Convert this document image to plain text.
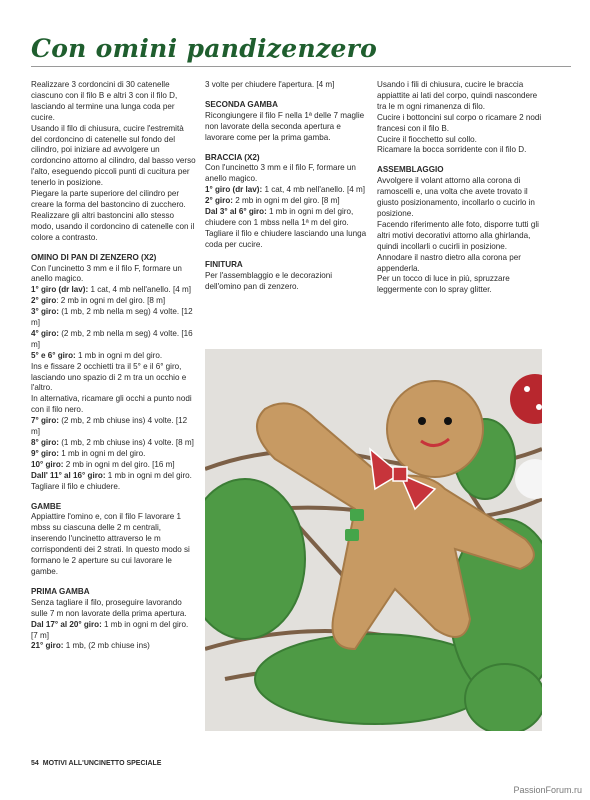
Con omini pandizenzero

Realizzare 3 cordoncini di 30 catenelle ciascuno con il filo B e altri 3 con il filo D, lasciando al termine una lunga coda per cucire.

Usando il filo di chiusura, cucire l'estremità del cordoncino di catenelle sul fondo del cilindro, poi iniziare ad avvolgere un cordoncino attorno al cilindro, dal basso verso l'alto, eseguendo piccoli punti di cucitura per tenerlo in posizione.

Piegare la parte superiore del cilindro per creare la forma del bastoncino di zucchero.

Realizzare gli altri bastoncini allo stesso modo, usando il cordoncino di catenelle con il colore a contrasto.

OMINO DI PAN DI ZENZERO (X2)

Con l'uncinetto 3 mm e il filo F, formare un anello magico.

1° giro (dr lav): 1 cat, 4 mb nell'anello. [4 m]

2° giro: 2 mb in ogni m del giro. [8 m]

3° giro: (1 mb, 2 mb nella m seg) 4 volte. [12 m]

4° giro: (2 mb, 2 mb nella m seg) 4 volte. [16 m]

5° e 6° giro: 1 mb in ogni m del giro.

Ins e fissare 2 occhietti tra il 5° e il 6° giro, lasciando uno spazio di 2 m tra un occhio e l'altro.

In alternativa, ricamare gli occhi a punto nodi con il filo nero.

7° giro: (2 mb, 2 mb chiuse ins) 4 volte. [12 m]

8° giro: (1 mb, 2 mb chiuse ins) 4 volte. [8 m]

9° giro: 1 mb in ogni m del giro.

10° giro: 2 mb in ogni m del giro. [16 m]

Dall' 11° al 16° giro: 1 mb in ogni m del giro.

Tagliare il filo e chiudere.

GAMBE

Appiattire l'omino e, con il filo F lavorare 1 mbss su ciascuna delle 2 m centrali, inserendo l'uncinetto attraverso le m corrispondenti dei 2 strati. In questo modo si formano le 2 aperture su cui lavorare le gambe.

PRIMA GAMBA

Senza tagliare il filo, proseguire lavorando sulle 7 m non lavorate della prima apertura.

Dal 17° al 20° giro: 1 mb in ogni m del giro. [7 m]

21° giro: 1 mb, (2 mb chiuse ins)

3 volte per chiudere l'apertura. [4 m]

SECONDA GAMBA

Ricongiungere il filo F nella 1ª delle 7 maglie non lavorate della seconda apertura e lavorare come per la prima gamba.

BRACCIA (X2)

Con l'uncinetto 3 mm e il filo F, formare un anello magico.

1° giro (dr lav): 1 cat, 4 mb nell'anello. [4 m]

2° giro: 2 mb in ogni m del giro. [8 m]

Dal 3° al 6° giro: 1 mb in ogni m del giro, chiudere con 1 mbss nella 1ª m del giro.

Tagliare il filo e chiudere lasciando una lunga coda per cucire.

FINITURA

Per l'assemblaggio e le decorazioni dell'omino pan di zenzero.

Usando i fili di chiusura, cucire le braccia appiattite ai lati del corpo, quindi nascondere tra le m ogni rimanenza di filo.

Cucire i bottoncini sul corpo o ricamare 2 nodi francesi con il filo B.

Cucire il fiocchetto sul collo.

Ricamare la bocca sorridente con il filo D.

ASSEMBLAGGIO

Avvolgere il volant attorno alla corona di ramoscelli e, una volta che avete trovato il giusto posizionamento, incollarlo o cucirlo in posizione.

Facendo riferimento alle foto, disporre tutti gli altri motivi decorativi attorno alla ghirlanda, quindi incollarli o cucirli in posizione.

Annodare il nastro dietro alla corona per appenderla.

Per un tocco di luce in più, spruzzare leggermente con lo spray glitter.

54 MOTIVI ALL'UNCINETTO SPECIALE
PassionForum.ru
